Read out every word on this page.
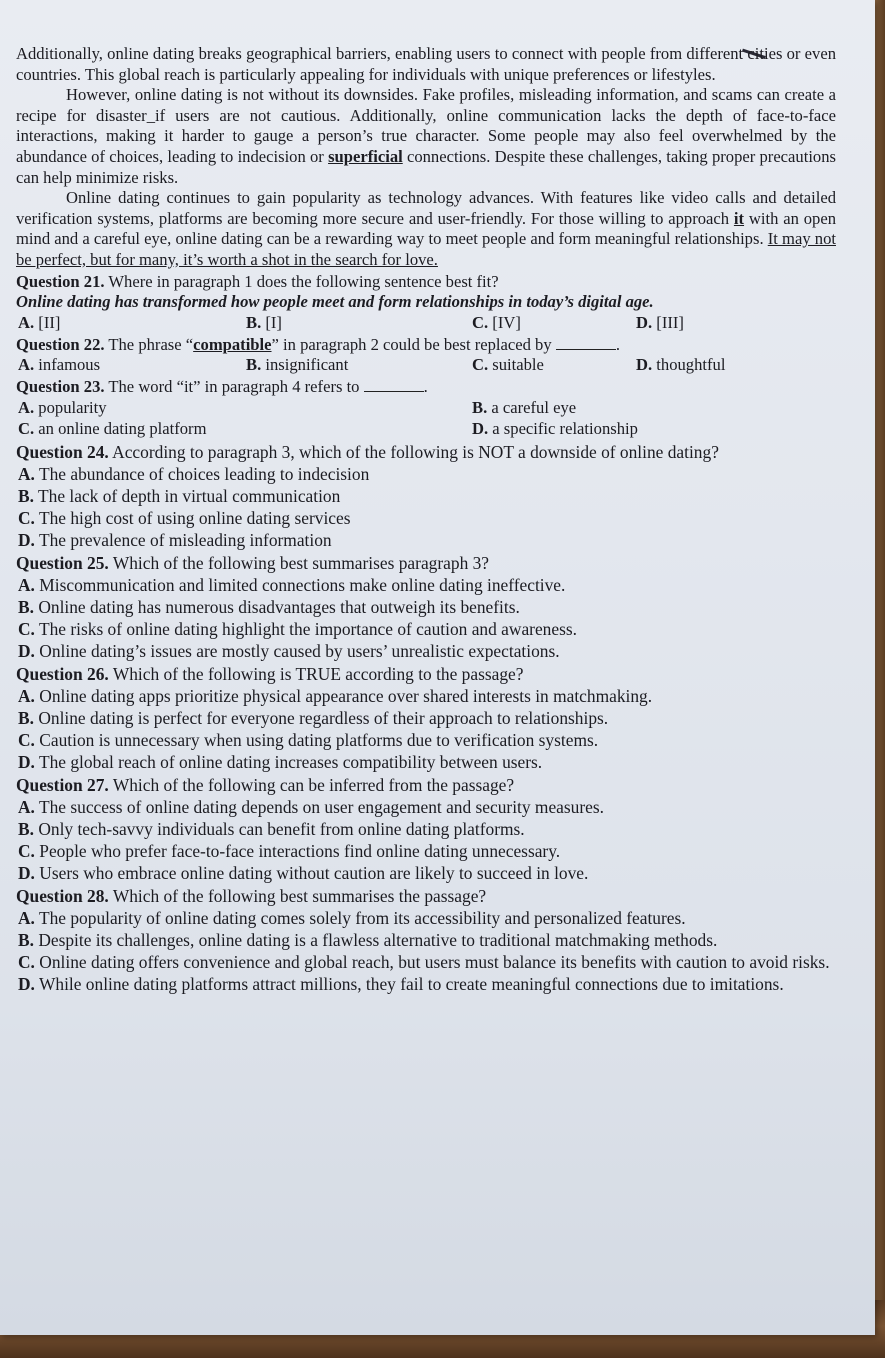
Additionally, online dating breaks geographical barriers, enabling users to connect with people from different cities or even countries. This global reach is particularly appealing for individuals with unique preferences or lifestyles.

However, online dating is not without its downsides. Fake profiles, misleading information, and scams can create a recipe for disaster_if users are not cautious. Additionally, online communication lacks the depth of face-to-face interactions, making it harder to gauge a person’s true character. Some people may also feel overwhelmed by the abundance of choices, leading to indecision or superficial connections. Despite these challenges, taking proper precautions can help minimize risks.

Online dating continues to gain popularity as technology advances. With features like video calls and detailed verification systems, platforms are becoming more secure and user-friendly. For those willing to approach it with an open mind and a careful eye, online dating can be a rewarding way to meet people and form meaningful relationships. It may not be perfect, but for many, it’s worth a shot in the search for love.

Question 21. Where in paragraph 1 does the following sentence best fit?

Online dating has transformed how people meet and form relationships in today’s digital age.

A. [II]	B. [I]	C. [IV]	D. [III]

Question 22. The phrase “compatible” in paragraph 2 could be best replaced by	.

A. infamous	B. insignificant	C. suitable	D. thoughtful

Question 23. The word “it” in paragraph 4 refers to	.

A. popularity	B. a careful eye
C. an online dating platform	D. a specific relationship

Question 24. According to paragraph 3, which of the following is NOT a downside of online dating?

A. The abundance of choices leading to indecision

B. The lack of depth in virtual communication

C. The high cost of using online dating services

D. The prevalence of misleading information

Question 25. Which of the following best summarises paragraph 3?

A. Miscommunication and limited connections make online dating ineffective.

B. Online dating has numerous disadvantages that outweigh its benefits.

C. The risks of online dating highlight the importance of caution and awareness.

D. Online dating’s issues are mostly caused by users’ unrealistic expectations.

Question 26. Which of the following is TRUE according to the passage?

A. Online dating apps prioritize physical appearance over shared interests in matchmaking.

B. Online dating is perfect for everyone regardless of their approach to relationships.

C. Caution is unnecessary when using dating platforms due to verification systems.

D. The global reach of online dating increases compatibility between users.

Question 27. Which of the following can be inferred from the passage?

A. The success of online dating depends on user engagement and security measures.

B. Only tech-savvy individuals can benefit from online dating platforms.

C. People who prefer face-to-face interactions find online dating unnecessary.

D. Users who embrace online dating without caution are likely to succeed in love.

Question 28. Which of the following best summarises the passage?

A. The popularity of online dating comes solely from its accessibility and personalized features.

B. Despite its challenges, online dating is a flawless alternative to traditional matchmaking methods.

C. Online dating offers convenience and global reach, but users must balance its benefits with caution to avoid risks.

D. While online dating platforms attract millions, they fail to create meaningful connections due to imitations.
